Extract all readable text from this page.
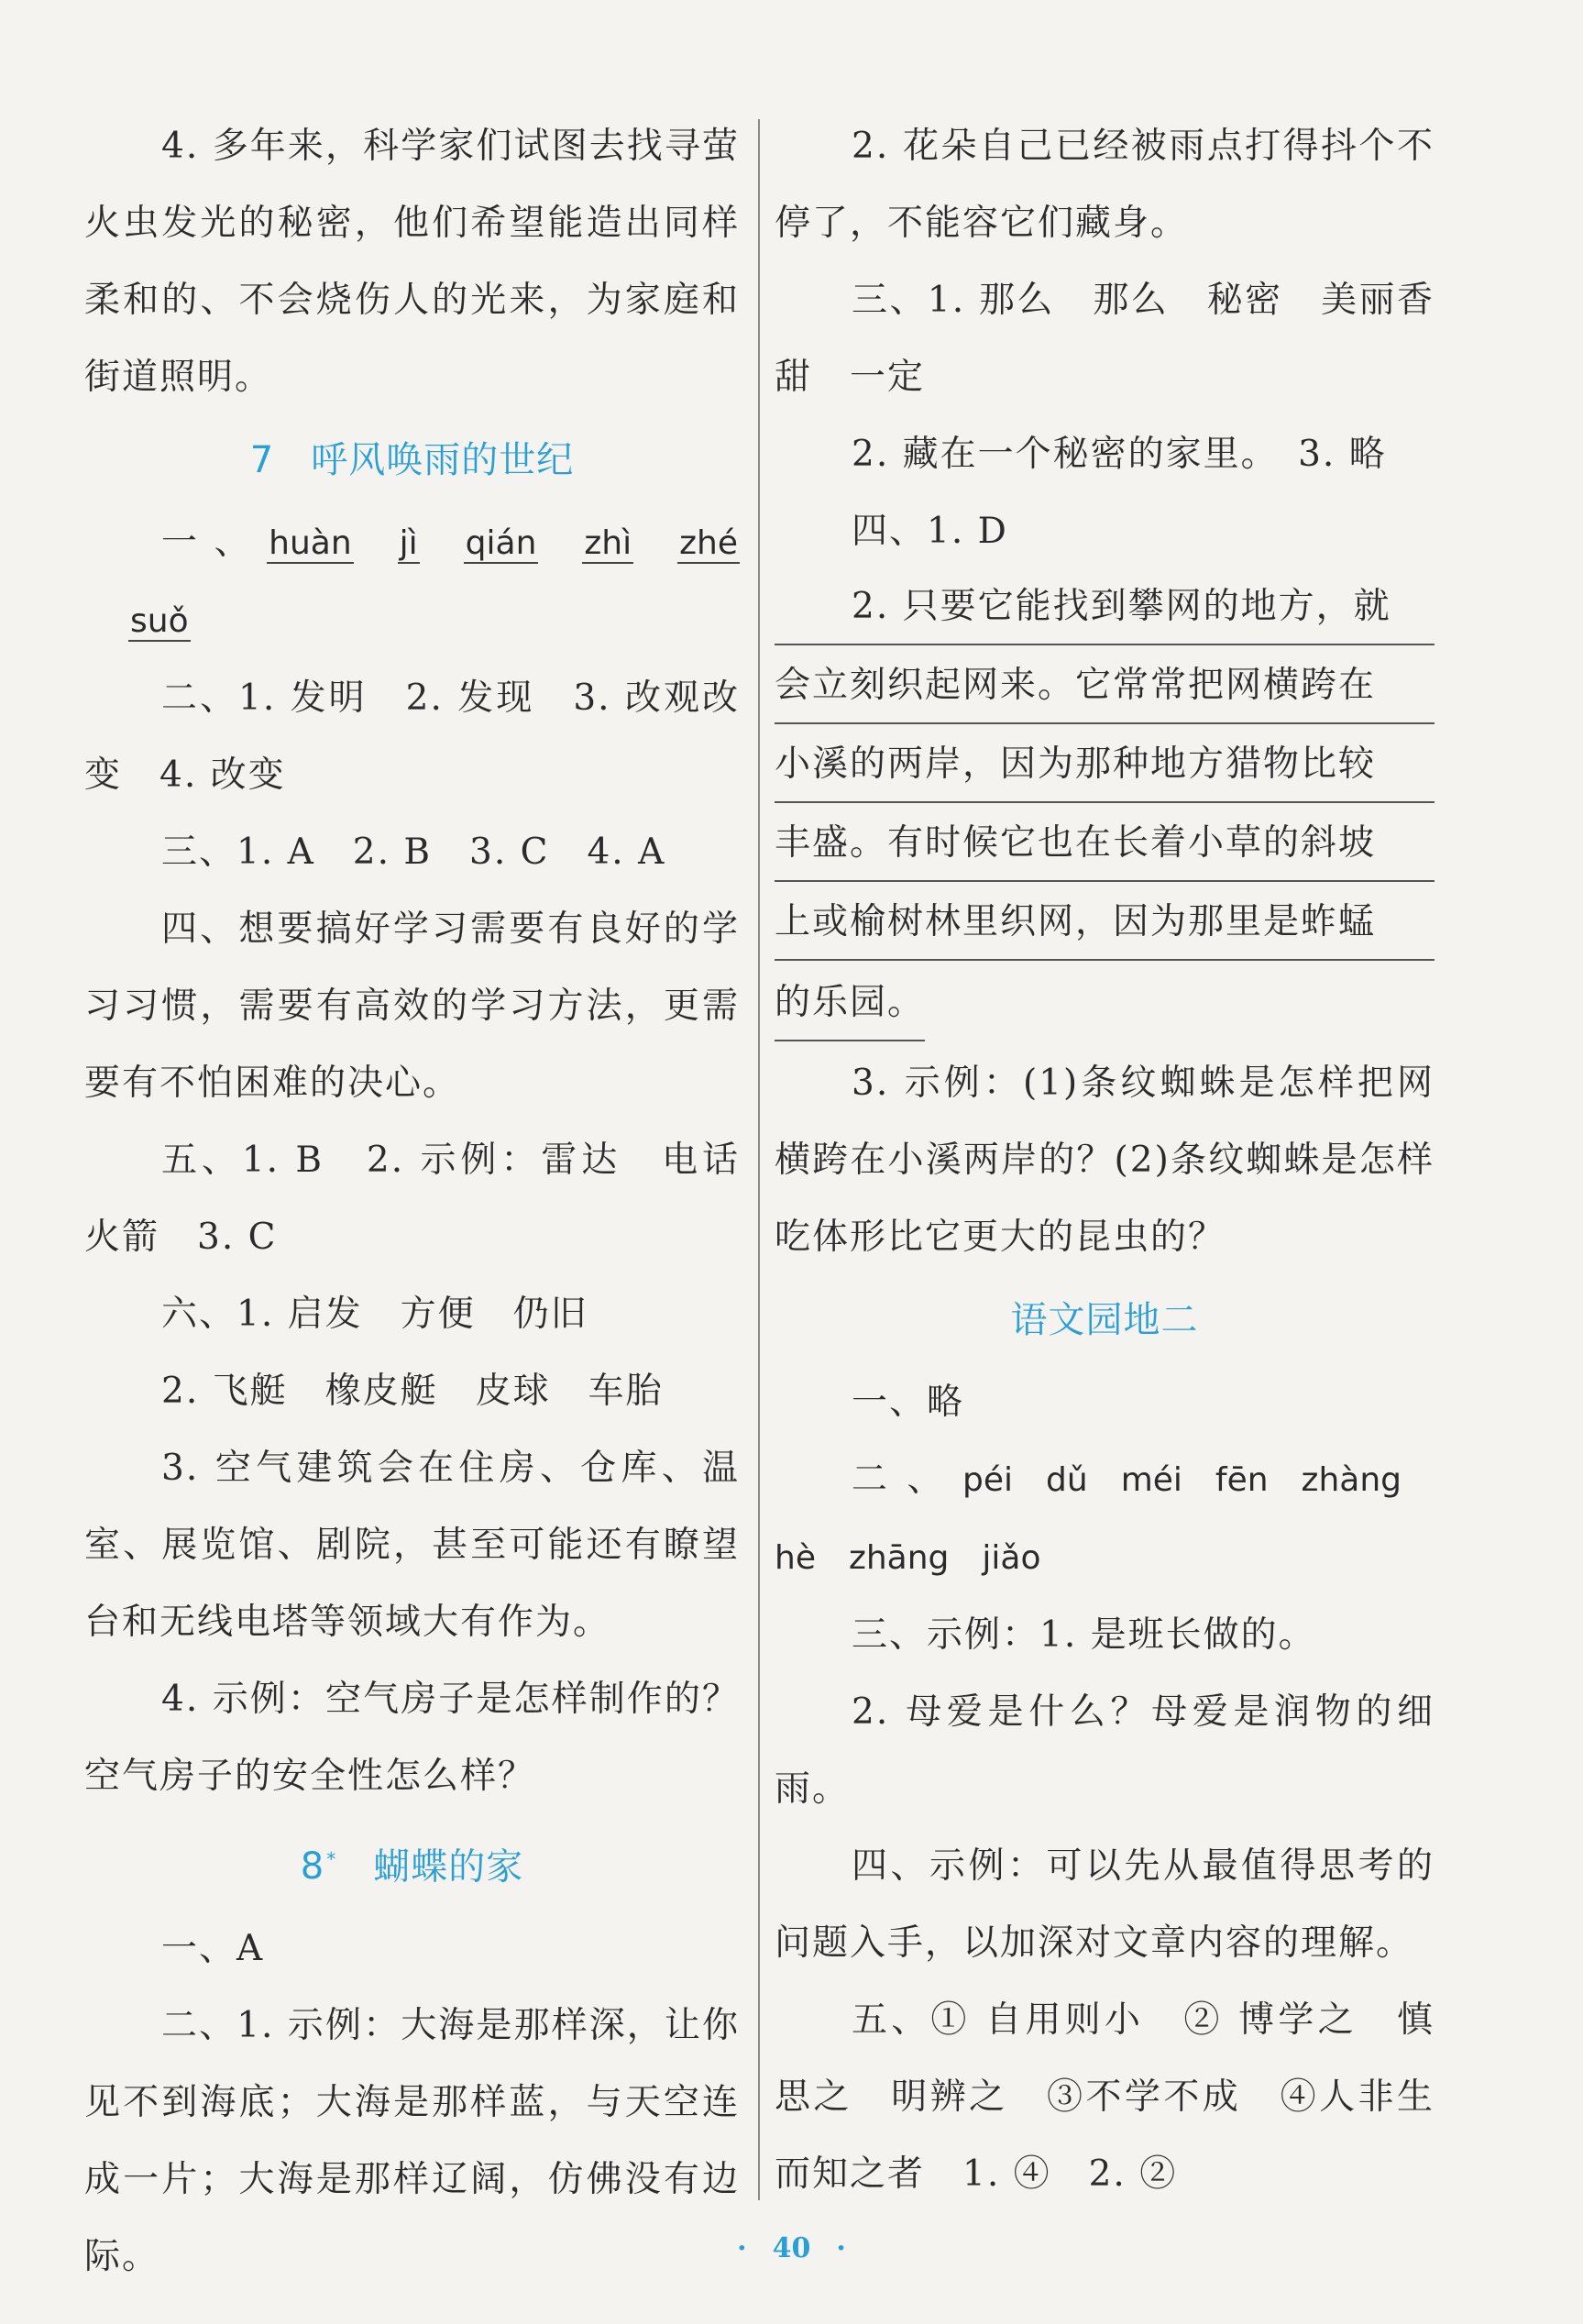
4. 多年来，科学家们试图去找寻萤火虫发光的秘密，他们希望能造出同样柔和的、不会烧伤人的光来，为家庭和街道照明。

7 呼风唤雨的世纪

一、huàn jì qián zhì zhésuǒ

二、1. 发明　2. 发现　3. 改观改变　4. 改变

三、1. A　2. B　3. C　4. A

四、想要搞好学习需要有良好的学习习惯，需要有高效的学习方法，更需要有不怕困难的决心。

五、1. B　2. 示例：雷达　电话火箭　3. C

六、1. 启发　方便　仍旧

2. 飞艇　橡皮艇　皮球　车胎

3. 空气建筑会在住房、仓库、温室、展览馆、剧院，甚至可能还有瞭望台和无线电塔等领域大有作为。

4. 示例：空气房子是怎样制作的？空气房子的安全性怎么样？

8 * 蝴蝶的家

一、A

二、1. 示例：大海是那样深，让你见不到海底；大海是那样蓝，与天空连成一片；大海是那样辽阔，仿佛没有边际。

2. 花朵自己已经被雨点打得抖个不停了，不能容它们藏身。

三、1. 那么　那么　秘密　美丽香甜　一定

2. 藏在一个秘密的家里。　3. 略

四、1. D

2. 只要它能找到攀网的地方，就
会立刻织起网来。它常常把网横跨在
小溪的两岸，因为那种地方猎物比较
丰盛。有时候它也在长着小草的斜坡
上或榆树林里织网，因为那里是蚱蜢
的乐园。

3. 示例：(1)条纹蜘蛛是怎样把网横跨在小溪两岸的？(2)条纹蜘蛛是怎样吃体形比它更大的昆虫的？

语文园地二

一、略

二、péi dǔ méi fēn zhànghè zhāng jiǎo

三、示例：1. 是班长做的。

2. 母爱是什么？母爱是润物的细雨。

四、示例：可以先从最值得思考的问题入手，以加深对文章内容的理解。

五、① 自用则小　② 博学之　慎思之　明辨之　③不学不成　④人非生而知之者　1. ④　2. ②

· 40 ·
